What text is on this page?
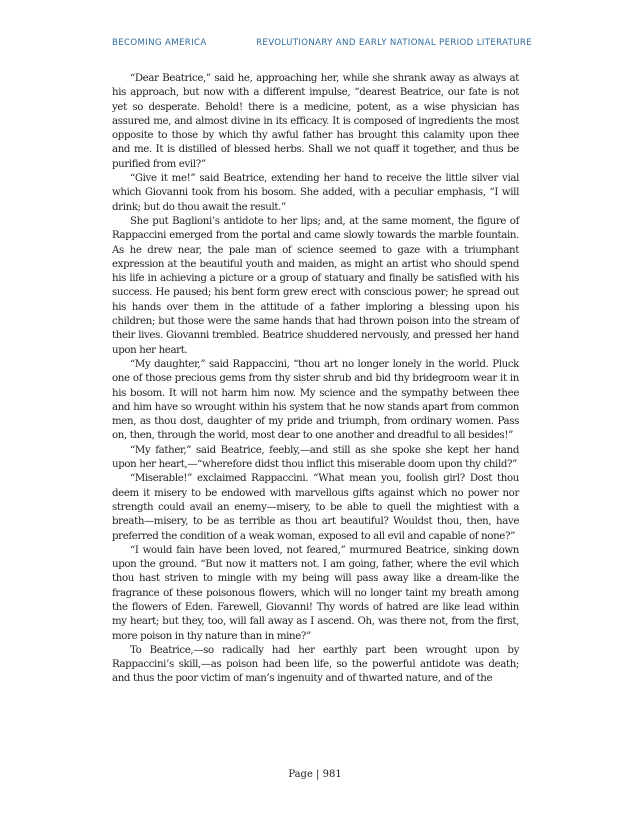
BECOMING AMERICA	REVOLUTIONARY AND EARLY NATIONAL PERIOD LITERATURE

“Dear Beatrice,” said he, approaching her, while she shrank away as always at his approach, but now with a different impulse, “dearest Beatrice, our fate is not yet so desperate. Behold! there is a medicine, potent, as a wise physician has assured me, and almost divine in its efficacy. It is composed of ingredients the most opposite to those by which thy awful father has brought this calamity upon thee and me. It is distilled of blessed herbs. Shall we not quaff it together, and thus be purified from evil?”

“Give it me!” said Beatrice, extending her hand to receive the little silver vial which Giovanni took from his bosom. She added, with a peculiar emphasis, “I will drink; but do thou await the result.”

She put Baglioni’s antidote to her lips; and, at the same moment, the figure of Rappaccini emerged from the portal and came slowly towards the marble fountain. As he drew near, the pale man of science seemed to gaze with a triumphant expression at the beautiful youth and maiden, as might an artist who should spend his life in achieving a picture or a group of statuary and finally be satisfied with his success. He paused; his bent form grew erect with conscious power; he spread out his hands over them in the attitude of a father imploring a blessing upon his children; but those were the same hands that had thrown poison into the stream of their lives. Giovanni trembled. Beatrice shuddered nervously, and pressed her hand upon her heart.

“My daughter,” said Rappaccini, “thou art no longer lonely in the world. Pluck one of those precious gems from thy sister shrub and bid thy bridegroom wear it in his bosom. It will not harm him now. My science and the sympathy between thee and him have so wrought within his system that he now stands apart from common men, as thou dost, daughter of my pride and triumph, from ordinary women. Pass on, then, through the world, most dear to one another and dreadful to all besides!”

“My father,” said Beatrice, feebly,—and still as she spoke she kept her hand upon her heart,—“wherefore didst thou inflict this miserable doom upon thy child?”

“Miserable!” exclaimed Rappaccini. “What mean you, foolish girl? Dost thou deem it misery to be endowed with marvellous gifts against which no power nor strength could avail an enemy—misery, to be able to quell the mightiest with a breath—misery, to be as terrible as thou art beautiful? Wouldst thou, then, have preferred the condition of a weak woman, exposed to all evil and capable of none?”

“I would fain have been loved, not feared,” murmured Beatrice, sinking down upon the ground. “But now it matters not. I am going, father, where the evil which thou hast striven to mingle with my being will pass away like a dream-like the fragrance of these poisonous flowers, which will no longer taint my breath among the flowers of Eden. Farewell, Giovanni! Thy words of hatred are like lead within my heart; but they, too, will fall away as I ascend. Oh, was there not, from the first, more poison in thy nature than in mine?”

To Beatrice,—so radically had her earthly part been wrought upon by Rappaccini’s skill,—as poison had been life, so the powerful antidote was death; and thus the poor victim of man’s ingenuity and of thwarted nature, and of the

Page | 981
